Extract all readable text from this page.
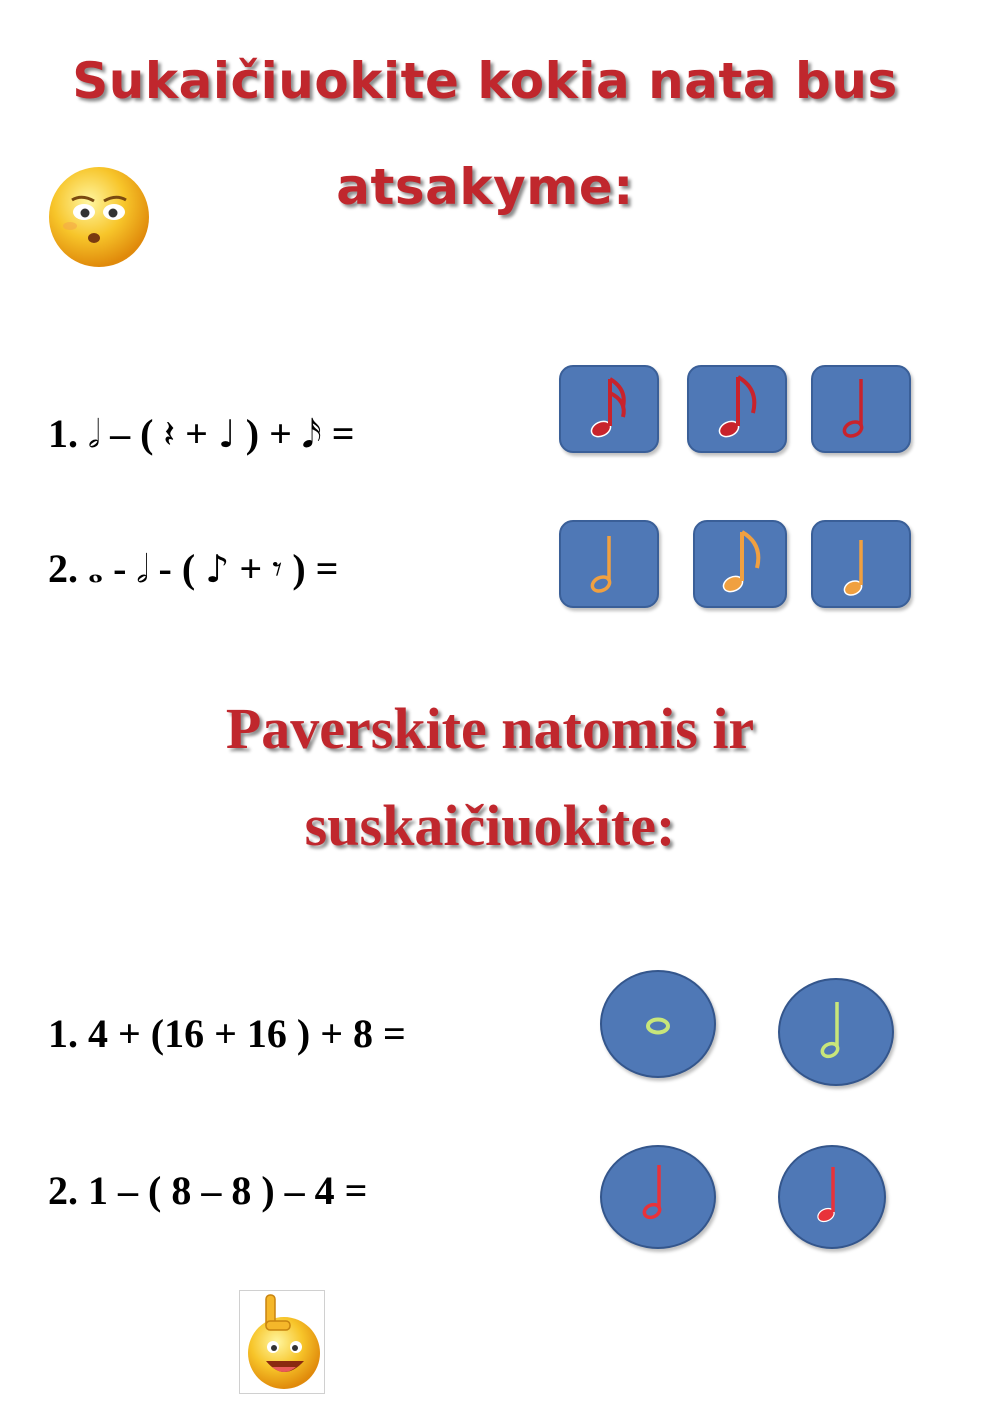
Sukaičiuokite kokia nata bus
atsakyme:
1. 𝅗𝅥 – ( 𝄽 + ♩ ) + 𝅘𝅥𝅯 =
2. 𝅝 - 𝅗𝅥 - ( ♪ + 𝄾 ) =
Paverskite natomis ir
suskaičiuokite:
1. 4 + (16 + 16 ) + 8 =
2. 1 – ( 8 – 8 ) – 4 =
